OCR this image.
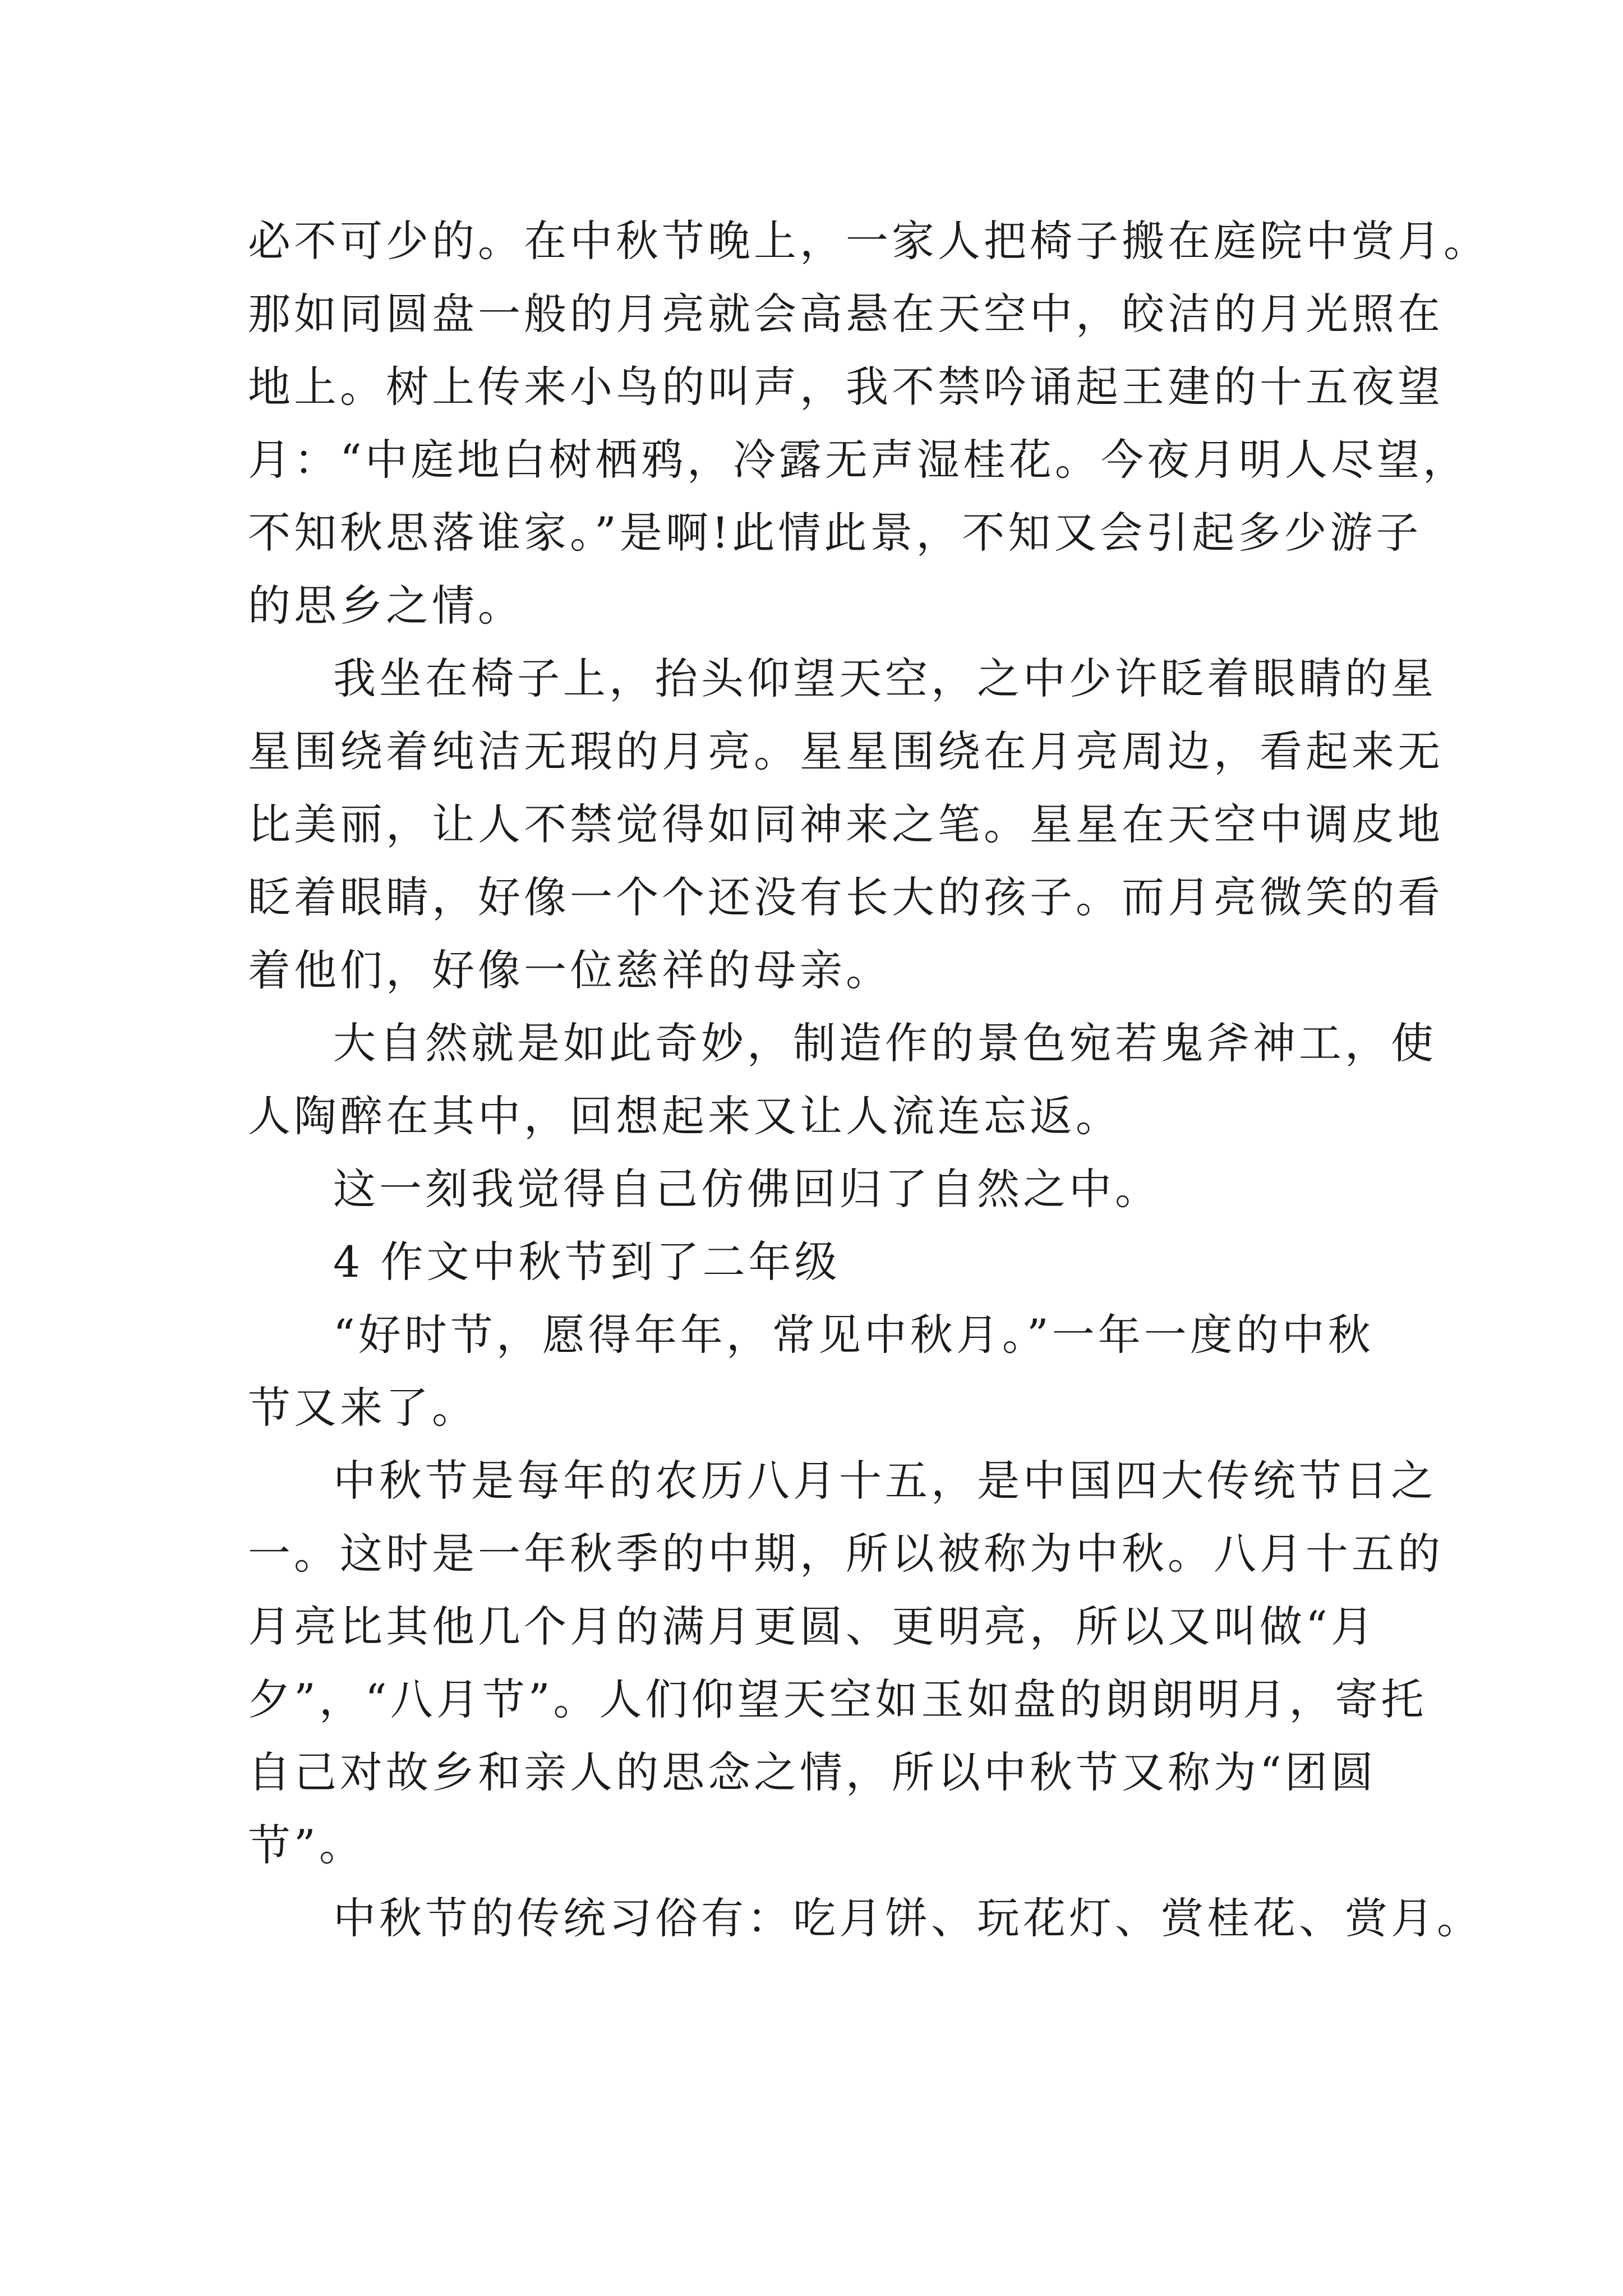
必不可少的。在中秋节晚上，一家人把椅子搬在庭院中赏月。
那如同圆盘一般的月亮就会高悬在天空中，皎洁的月光照在
地上。树上传来小鸟的叫声，我不禁吟诵起王建的十五夜望
月：“中庭地白树栖鸦，冷露无声湿桂花。今夜月明人尽望，
不知秋思落谁家。”是啊!此情此景，不知又会引起多少游子
的思乡之情。
我坐在椅子上，抬头仰望天空，之中少许眨着眼睛的星
星围绕着纯洁无瑕的月亮。星星围绕在月亮周边，看起来无
比美丽，让人不禁觉得如同神来之笔。星星在天空中调皮地
眨着眼睛，好像一个个还没有长大的孩子。而月亮微笑的看
着他们，好像一位慈祥的母亲。
大自然就是如此奇妙，制造作的景色宛若鬼斧神工，使
人陶醉在其中，回想起来又让人流连忘返。
这一刻我觉得自己仿佛回归了自然之中。
4 作文中秋节到了二年级
“好时节，愿得年年，常见中秋月。”一年一度的中秋
节又来了。
中秋节是每年的农历八月十五，是中国四大传统节日之
一。这时是一年秋季的中期，所以被称为中秋。八月十五的
月亮比其他几个月的满月更圆、更明亮，所以又叫做“月
夕”，“八月节”。人们仰望天空如玉如盘的朗朗明月，寄托
自己对故乡和亲人的思念之情，所以中秋节又称为“团圆
节”。
中秋节的传统习俗有：吃月饼、玩花灯、赏桂花、赏月。
